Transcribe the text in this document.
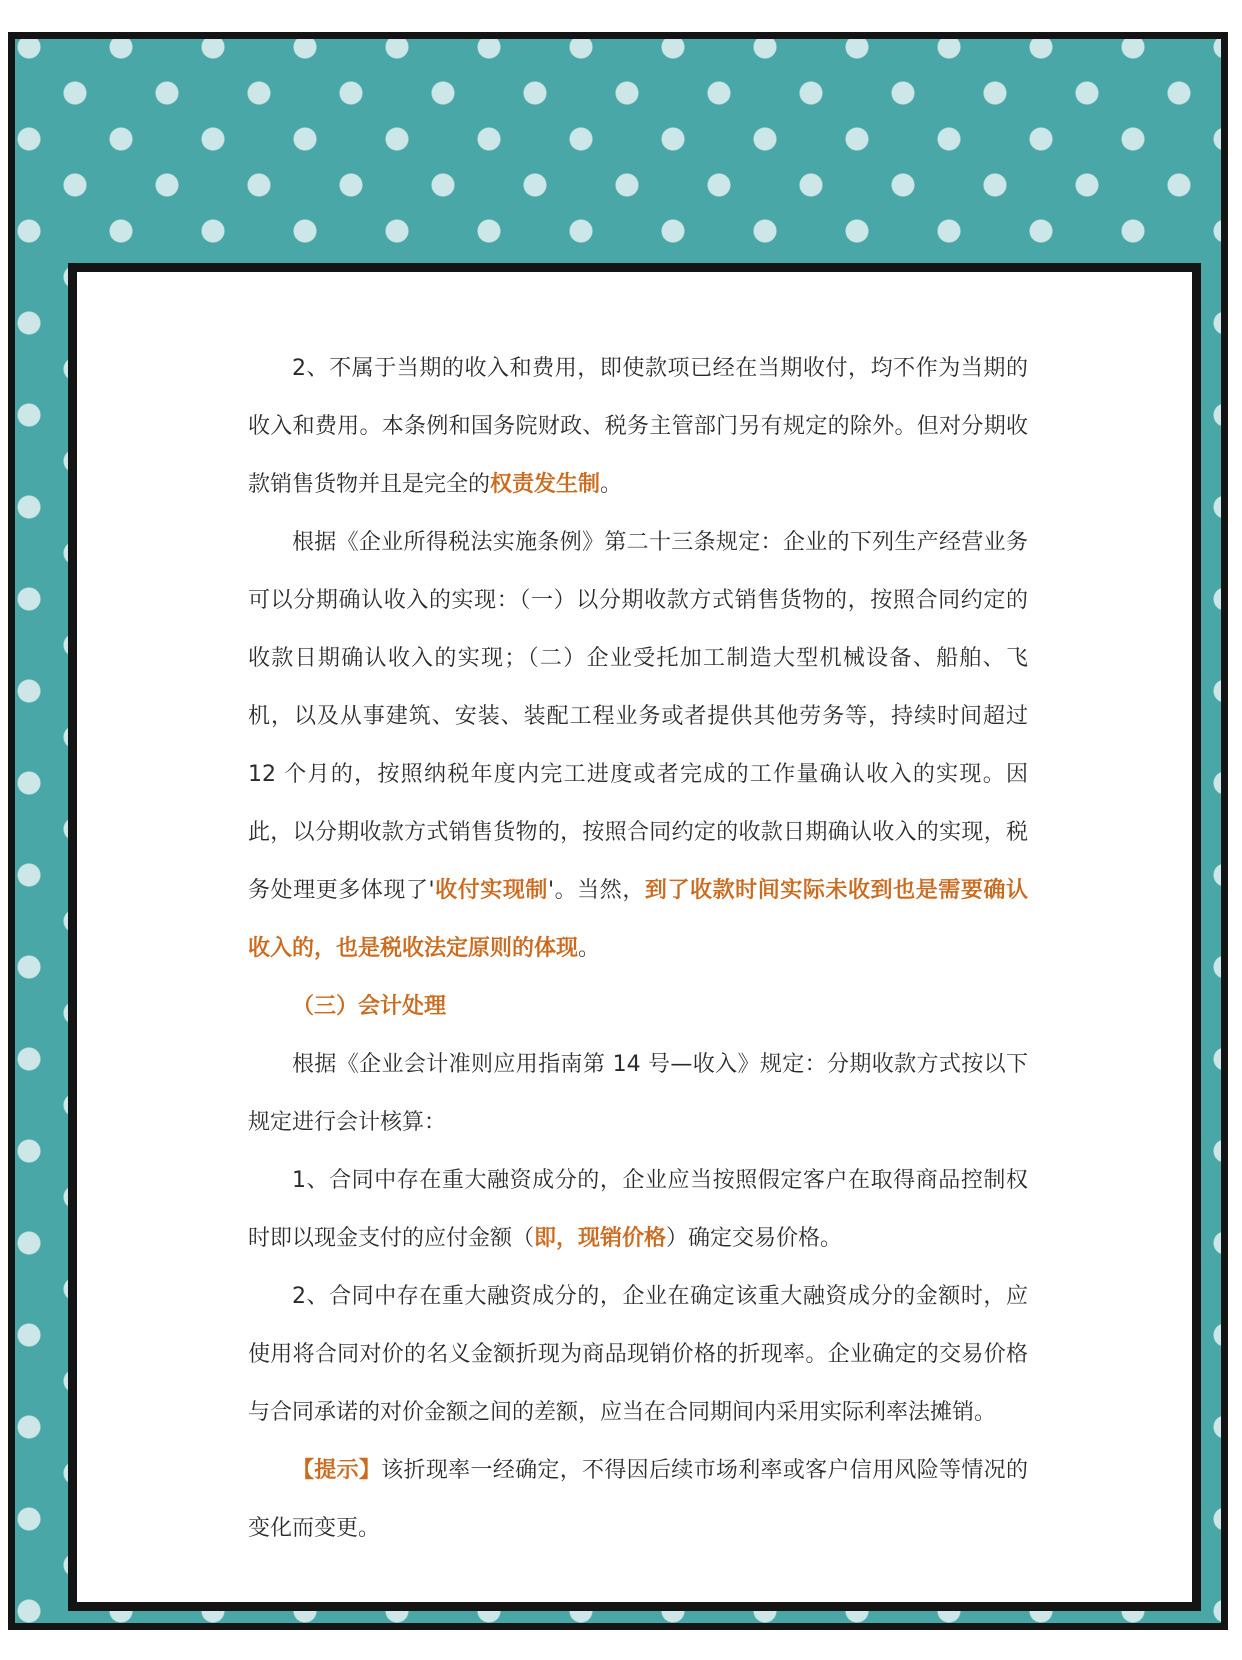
2、不属于当期的收入和费用，即使款项已经在当期收付，均不作为当期的收入和费用。本条例和国务院财政、税务主管部门另有规定的除外。但对分期收款销售货物并且是完全的权责发生制。

根据《企业所得税法实施条例》第二十三条规定：企业的下列生产经营业务可以分期确认收入的实现：（一）以分期收款方式销售货物的，按照合同约定的收款日期确认收入的实现；（二）企业受托加工制造大型机械设备、船舶、飞机，以及从事建筑、安装、装配工程业务或者提供其他劳务等，持续时间超过 12 个月的，按照纳税年度内完工进度或者完成的工作量确认收入的实现。因此，以分期收款方式销售货物的，按照合同约定的收款日期确认收入的实现，税务处理更多体现了'收付实现制'。当然，到了收款时间实际未收到也是需要确认收入的，也是税收法定原则的体现。

（三）会计处理

根据《企业会计准则应用指南第 14 号—收入》规定：分期收款方式按以下规定进行会计核算：

1、合同中存在重大融资成分的，企业应当按照假定客户在取得商品控制权时即以现金支付的应付金额（即，现销价格）确定交易价格。

2、合同中存在重大融资成分的，企业在确定该重大融资成分的金额时，应使用将合同对价的名义金额折现为商品现销价格的折现率。企业确定的交易价格与合同承诺的对价金额之间的差额，应当在合同期间内采用实际利率法摊销。

【提示】该折现率一经确定，不得因后续市场利率或客户信用风险等情况的变化而变更。
